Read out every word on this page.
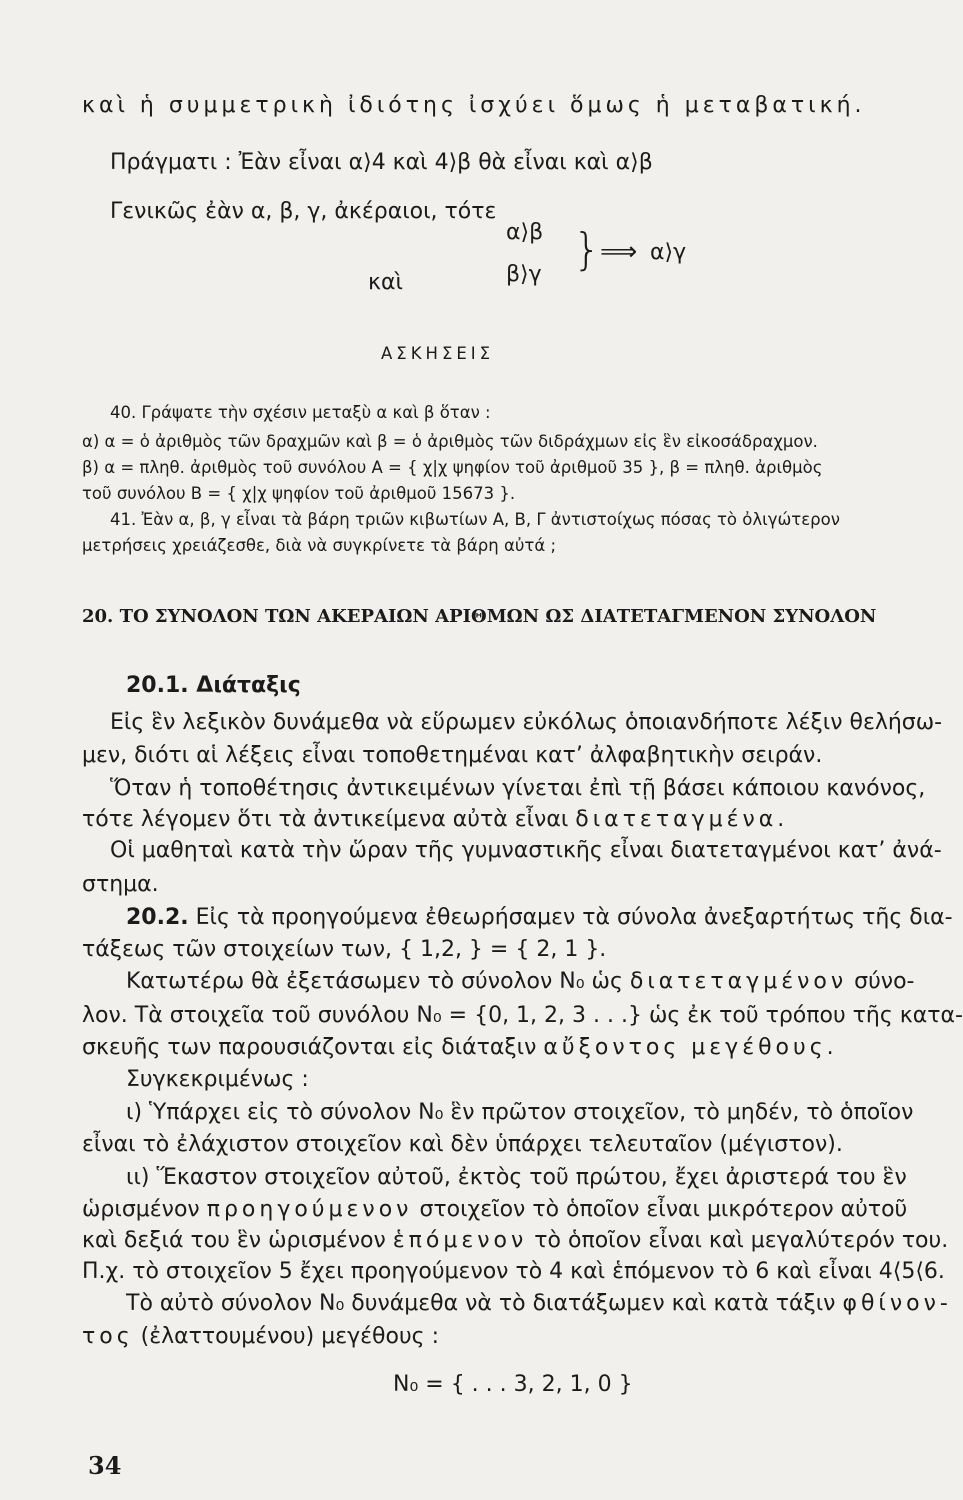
καὶ ἡ συμμετρικὴ ἰδιότης ἰσχύει ὅμως ἡ μεταβατική.
Πράγματι : Ἐὰν εἶναι α⟩4 καὶ 4⟩β θὰ εἶναι καὶ α⟩β
Γενικῶς ἐὰν α, β, γ, ἀκέραιοι, τότε
α⟩β
καὶ	β⟩γ } ⟹ α⟩γ
ΑΣΚΗΣΕΙΣ
40. Γράψατε τὴν σχέσιν μεταξὺ α καὶ β ὅταν :
α) α = ὁ ἀριθμὸς τῶν δραχμῶν καὶ β = ὁ ἀριθμὸς τῶν διδράχμων εἰς ἓν εἰκοσάδραχμον.
β) α = πληθ. ἀριθμὸς τοῦ συνόλου Α = { χ|χ ψηφίον τοῦ ἀριθμοῦ 35 }, β = πληθ. ἀριθμὸς
τοῦ συνόλου Β = { χ|χ ψηφίον τοῦ ἀριθμοῦ 15673 }.
41. Ἐὰν α, β, γ εἶναι τὰ βάρη τριῶν κιβωτίων Α, Β, Γ ἀντιστοίχως πόσας τὸ ὀλιγώτερον
μετρήσεις χρειάζεσθε, διὰ νὰ συγκρίνετε τὰ βάρη αὐτά ;
20. ΤΟ ΣΥΝΟΛΟΝ ΤΩΝ ΑΚΕΡΑΙΩΝ ΑΡΙΘΜΩΝ ΩΣ ΔΙΑΤΕΤΑΓΜΕΝΟΝ ΣΥΝΟΛΟΝ
20.1. Διάταξις
Εἰς ἓν λεξικὸν δυνάμεθα νὰ εὕρωμεν εὐκόλως ὁποιανδήποτε λέξιν θελήσω-
μεν, διότι αἱ λέξεις εἶναι τοποθετημέναι κατ’ ἀλφαβητικὴν σειράν.
Ὅταν ἡ τοποθέτησις ἀντικειμένων γίνεται ἐπὶ τῇ βάσει κάποιου κανόνος,
τότε λέγομεν ὅτι τὰ ἀντικείμενα αὐτὰ εἶναι διατεταγμένα.
Οἱ μαθηταὶ κατὰ τὴν ὥραν τῆς γυμναστικῆς εἶναι διατεταγμένοι κατ’ ἀνά-
στημα.
20.2. Εἰς τὰ προηγούμενα ἐθεωρήσαμεν τὰ σύνολα ἀνεξαρτήτως τῆς δια-
τάξεως τῶν στοιχείων των, { 1,2, } = { 2, 1 }.
Κατωτέρω θὰ ἐξετάσωμεν τὸ σύνολον Ν₀ ὡς διατεταγμένον σύνο-
λον. Τὰ στοιχεῖα τοῦ συνόλου Ν₀ = {0, 1, 2, 3 . . .} ὡς ἐκ τοῦ τρόπου τῆς κατα-
σκευῆς των παρουσιάζονται εἰς διάταξιν αὔξοντος μεγέθους.
Συγκεκριμένως :
ι) Ὑπάρχει εἰς τὸ σύνολον Ν₀ ἓν πρῶτον στοιχεῖον, τὸ μηδέν, τὸ ὁποῖον
εἶναι τὸ ἐλάχιστον στοιχεῖον καὶ δὲν ὑπάρχει τελευταῖον (μέγιστον).
ιι) Ἕκαστον στοιχεῖον αὐτοῦ, ἐκτὸς τοῦ πρώτου, ἔχει ἀριστερά του ἓν
ὡρισμένον προηγούμενον στοιχεῖον τὸ ὁποῖον εἶναι μικρότερον αὐτοῦ
καὶ δεξιά του ἓν ὡρισμένον ἑπόμενον τὸ ὁποῖον εἶναι καὶ μεγαλύτερόν του.
Π.χ. τὸ στοιχεῖον 5 ἔχει προηγούμενον τὸ 4 καὶ ἑπόμενον τὸ 6 καὶ εἶναι 4⟨5⟨6.
Τὸ αὐτὸ σύνολον Ν₀ δυνάμεθα νὰ τὸ διατάξωμεν καὶ κατὰ τάξιν φθίνον-
τος (ἐλαττουμένου) μεγέθους :
Ν₀ = { . . . 3, 2, 1, 0 }
34
